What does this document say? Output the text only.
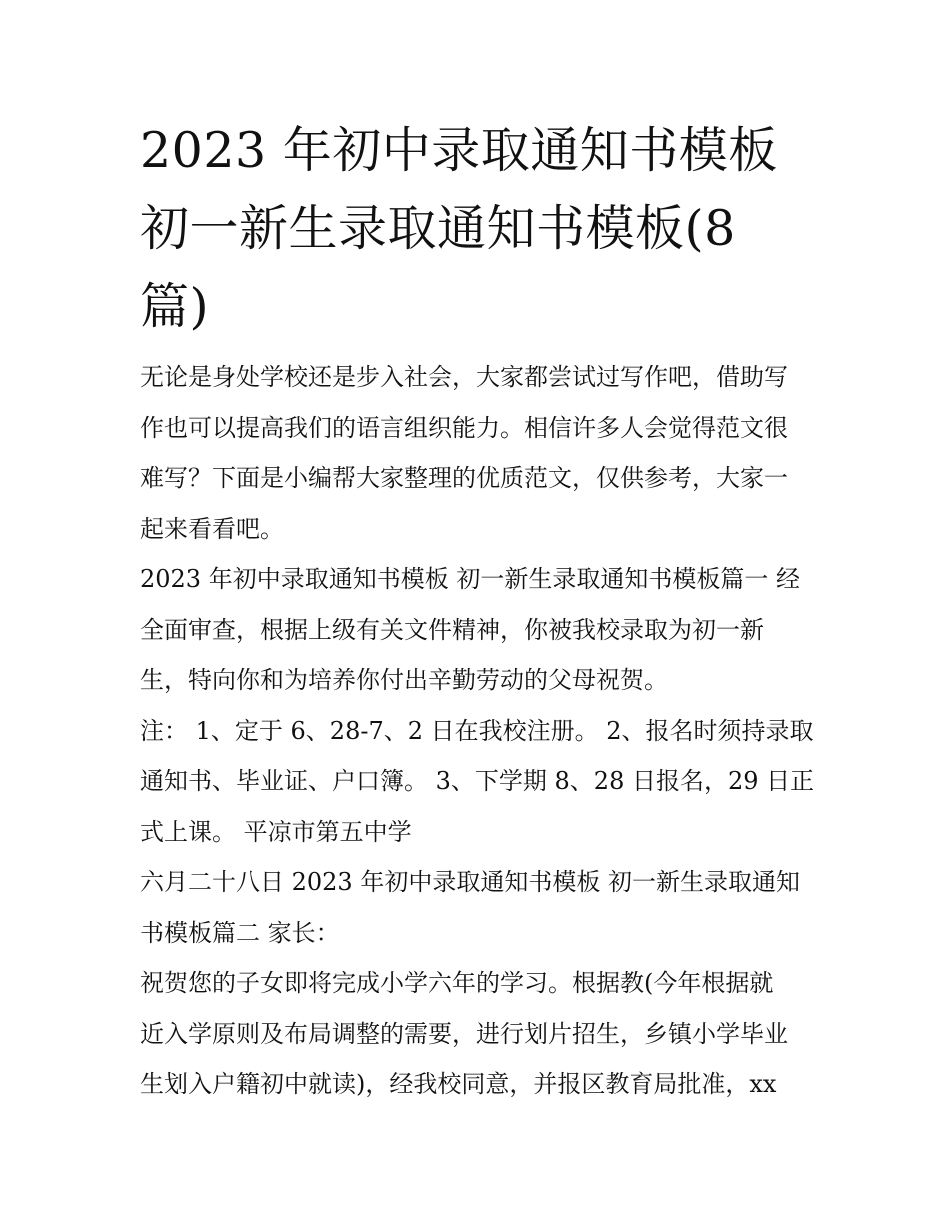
2023 年初中录取通知书模板
初一新生录取通知书模板(8
篇)

无论是身处学校还是步入社会，大家都尝试过写作吧，借助写
作也可以提高我们的语言组织能力。相信许多人会觉得范文很
难写？下面是小编帮大家整理的优质范文，仅供参考，大家一
起来看看吧。

2023 年初中录取通知书模板 初一新生录取通知书模板篇一 经
全面审查，根据上级有关文件精神，你被我校录取为初一新
生，特向你和为培养你付出辛勤劳动的父母祝贺。

注： 1、定于 6、28-7、2 日在我校注册。 2、报名时须持录取
通知书、毕业证、户口簿。 3、下学期 8、28 日报名，29 日正
式上课。 平凉市第五中学

六月二十八日 2023 年初中录取通知书模板 初一新生录取通知
书模板篇二 家长：

祝贺您的子女即将完成小学六年的学习。根据教(今年根据就
近入学原则及布局调整的需要，进行划片招生，乡镇小学毕业
生划入户籍初中就读)，经我校同意，并报区教育局批准，xx
